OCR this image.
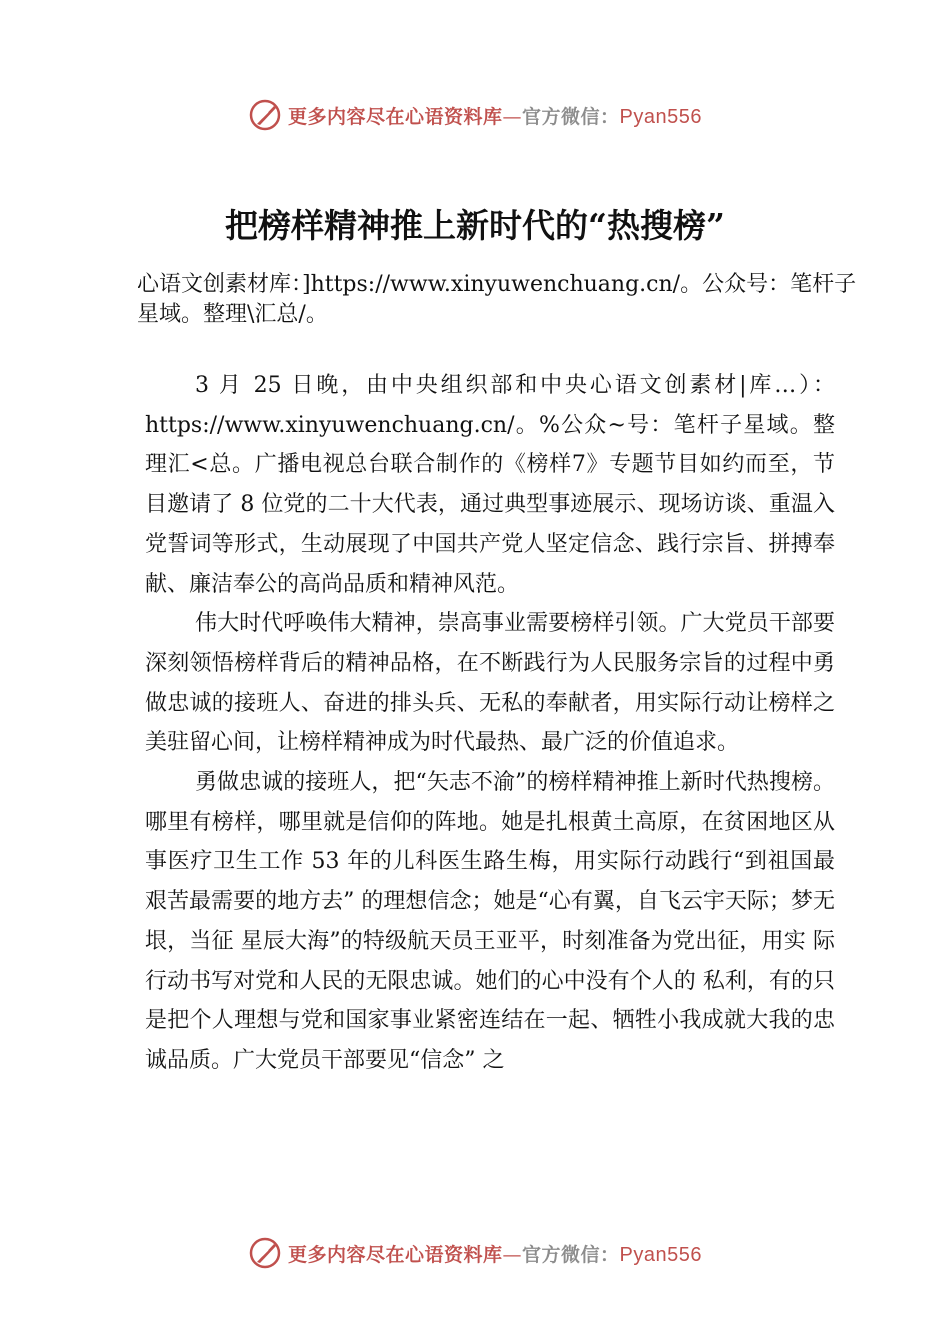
更多内容尽在心语资料库—官方微信：Pyan556
把榜样精神推上新时代的“热搜榜”

心语文创素材库：]https://www.xinyuwenchuang.cn/。公众号：笔杆子星域。整理\汇总/。

3 月 25 日晚，由中央组织部和中央心语文创素材|库…）：https://www.xinyuwenchuang.cn/。%公众~号：笔杆子星域。整理汇<总。广播电视总台联合制作的《榜样7》专题节目如约而至，节目邀请了 8 位党的二十大代表，通过典型事迹展示、现场访谈、重温入党誓词等形式，生动展现了中国共产党人坚定信念、践行宗旨、拼搏奉献、廉洁奉公的高尚品质和精神风范。

伟大时代呼唤伟大精神，崇高事业需要榜样引领。广大党员干部要深刻领悟榜样背后的精神品格，在不断践行为人民服务宗旨的过程中勇做忠诚的接班人、奋进的排头兵、无私的奉献者，用实际行动让榜样之美驻留心间，让榜样精神成为时代最热、最广泛的价值追求。

勇做忠诚的接班人，把“矢志不渝”的榜样精神推上新时代热搜榜。哪里有榜样，哪里就是信仰的阵地。她是扎根黄土高原，在贫困地区从事医疗卫生工作 53 年的儿科医生路生梅，用实际行动践行“到祖国最艰苦最需要的地方去” 的理想信念；她是“心有翼，自飞云宇天际；梦无垠，当征 星辰大海”的特级航天员王亚平，时刻准备为党出征，用实 际行动书写对党和人民的无限忠诚。她们的心中没有个人的 私利，有的只是把个人理想与党和国家事业紧密连结在一起、牺牲小我成就大我的忠诚品质。广大党员干部要见“信念” 之

更多内容尽在心语资料库—官方微信：Pyan556
